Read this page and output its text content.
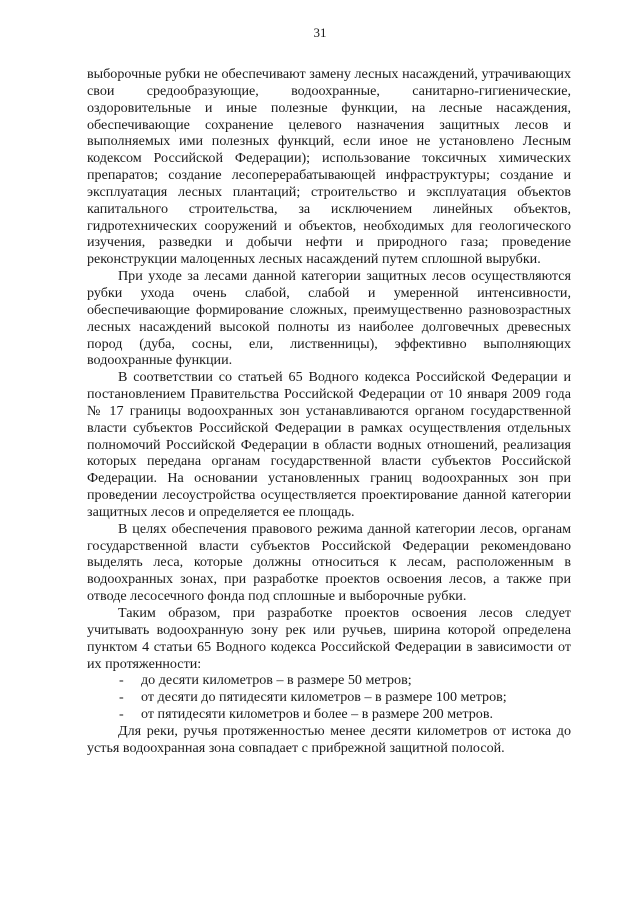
31

выборочные рубки не обеспечивают замену лесных насаждений, утрачивающих свои средообразующие, водоохранные, санитарно-гигиенические, оздоровительные и иные полезные функции, на лесные насаждения, обеспечивающие сохранение целевого назначения защитных лесов и выполняемых ими полезных функций, если иное не установлено Лесным кодексом Российской Федерации); использование токсичных химических препаратов; создание лесоперерабатывающей инфраструктуры; создание и эксплуатация лесных плантаций; строительство и эксплуатация объектов капитального строительства, за исключением линейных объектов, гидротехнических сооружений и объектов, необходимых для геологического изучения, разведки и добычи нефти и природного газа; проведение реконструкции малоценных лесных насаждений путем сплошной вырубки.

При уходе за лесами данной категории защитных лесов осуществляются рубки ухода очень слабой, слабой и умеренной интенсивности, обеспечивающие формирование сложных, преимущественно разновозрастных лесных насаждений высокой полноты из наиболее долговечных древесных пород (дуба, сосны, ели, лиственницы), эффективно выполняющих водоохранные функции.

В соответствии со статьей 65 Водного кодекса Российской Федерации и постановлением Правительства Российской Федерации от 10 января 2009 года № 17 границы водоохранных зон устанавливаются органом государственной власти субъектов Российской Федерации в рамках осуществления отдельных полномочий Российской Федерации в области водных отношений, реализация которых передана органам государственной власти субъектов Российской Федерации. На основании установленных границ водоохранных зон при проведении лесоустройства осуществляется проектирование данной категории защитных лесов и определяется ее площадь.

В целях обеспечения правового режима данной категории лесов, органам государственной власти субъектов Российской Федерации рекомендовано выделять леса, которые должны относиться к лесам, расположенным в водоохранных зонах, при разработке проектов освоения лесов, а также при отводе лесосечного фонда под сплошные и выборочные рубки.

Таким образом, при разработке проектов освоения лесов следует учитывать водоохранную зону рек или ручьев, ширина которой определена пунктом 4 статьи 65 Водного кодекса Российской Федерации в зависимости от их протяженности:

-	до десяти километров – в размере 50 метров;
-	от десяти до пятидесяти километров – в размере 100 метров;
-	от пятидесяти километров и более – в размере 200 метров.

Для реки, ручья протяженностью менее десяти километров от истока до устья водоохранная зона совпадает с прибрежной защитной полосой.
